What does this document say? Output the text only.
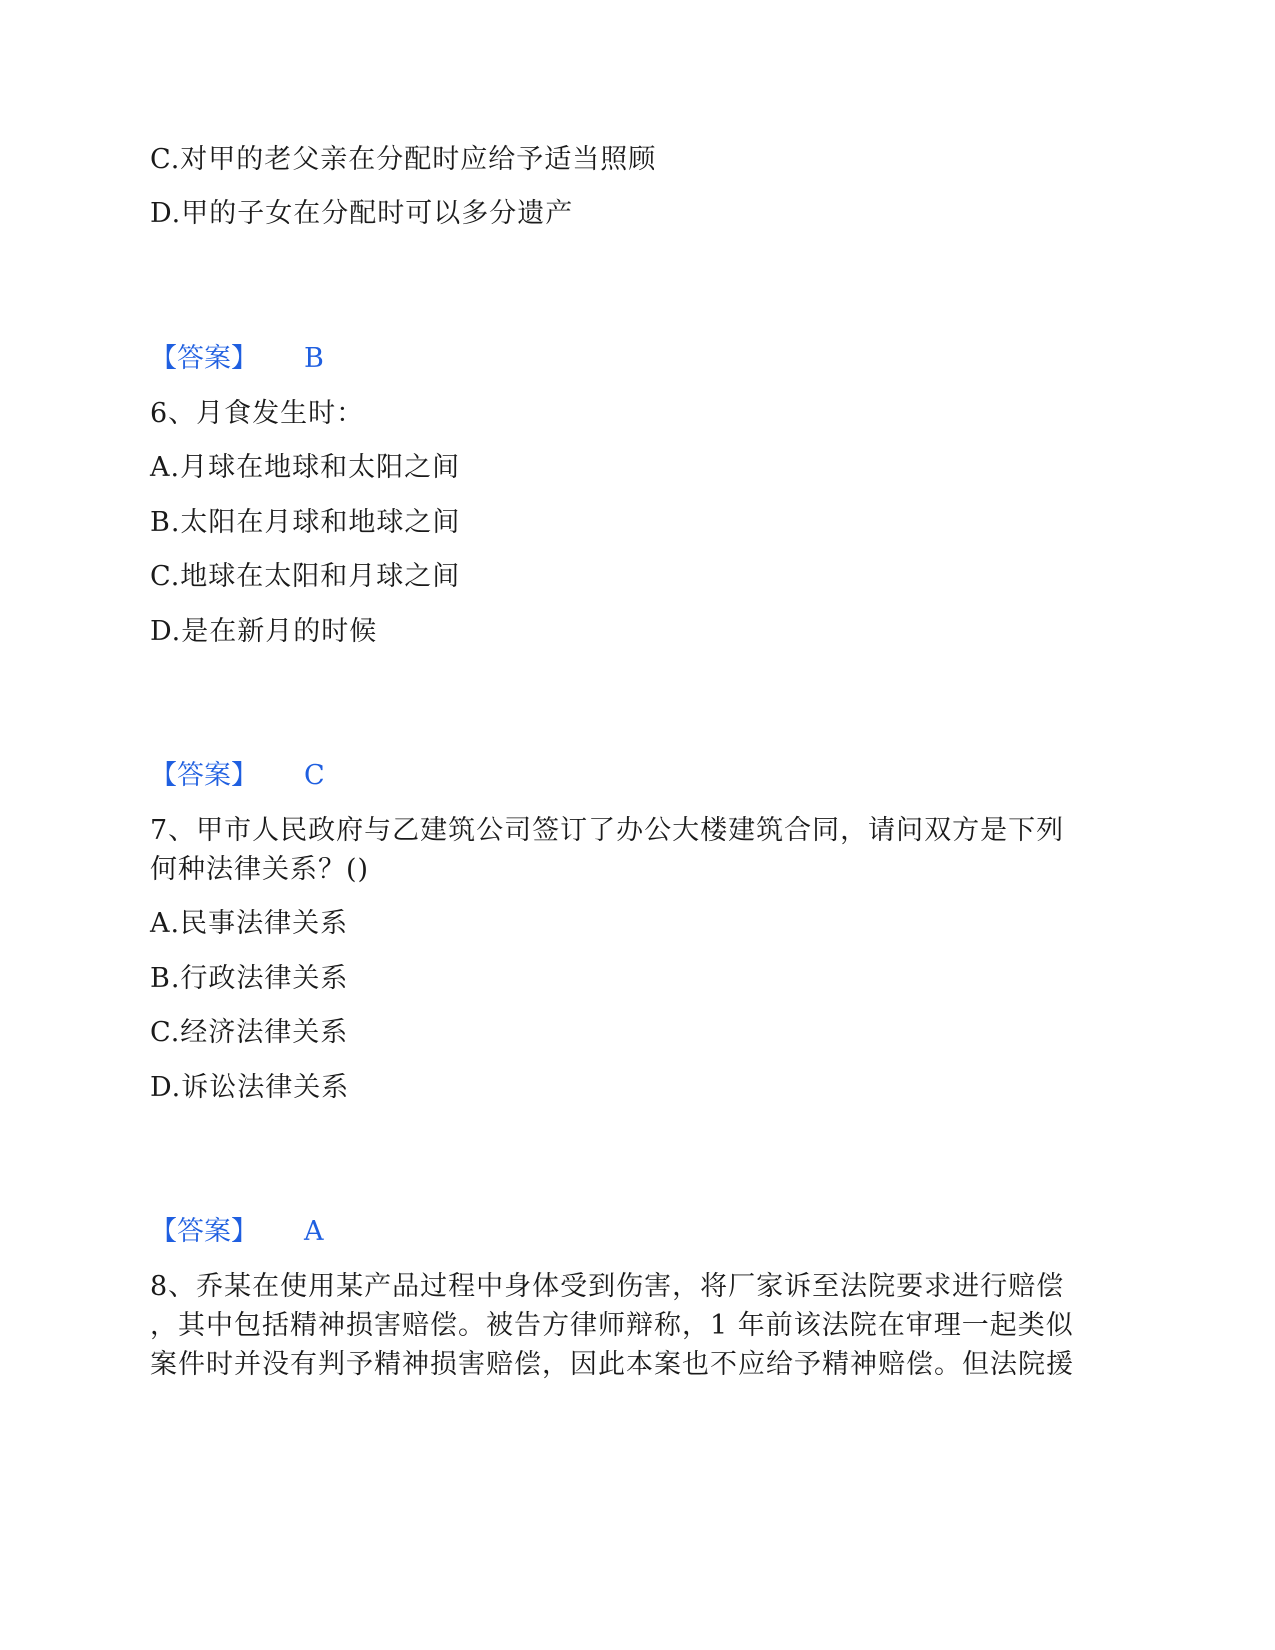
C.对甲的老父亲在分配时应给予适当照顾
D.甲的子女在分配时可以多分遗产
【答案】 B
6、月食发生时：
A.月球在地球和太阳之间
B.太阳在月球和地球之间
C.地球在太阳和月球之间
D.是在新月的时候
【答案】 C
7、甲市人民政府与乙建筑公司签订了办公大楼建筑合同，请问双方是下列
何种法律关系？()
A.民事法律关系
B.行政法律关系
C.经济法律关系
D.诉讼法律关系
【答案】 A
8、乔某在使用某产品过程中身体受到伤害，将厂家诉至法院要求进行赔偿
，其中包括精神损害赔偿。被告方律师辩称，1 年前该法院在审理一起类似
案件时并没有判予精神损害赔偿，因此本案也不应给予精神赔偿。但法院援
